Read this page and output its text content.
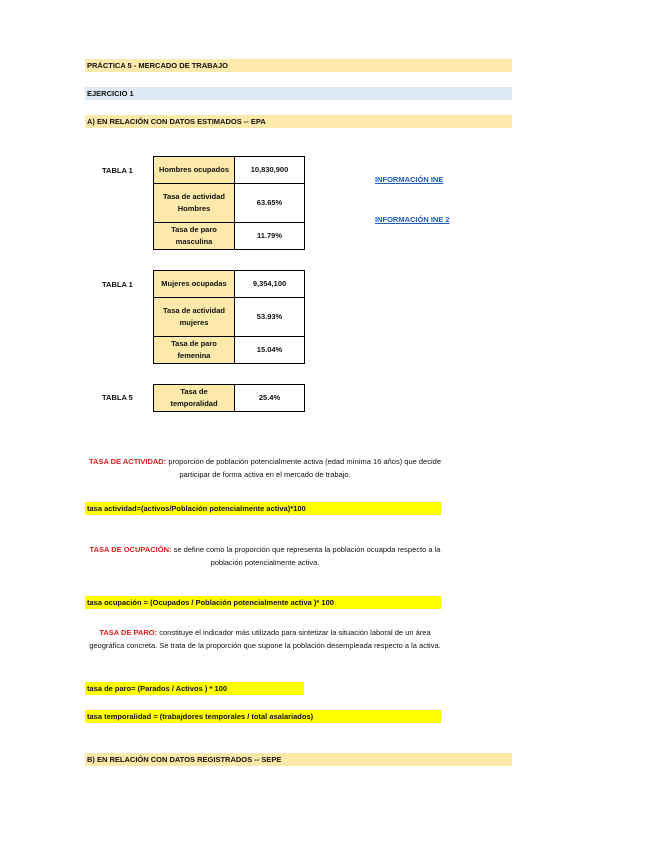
PRÁCTICA 5 - MERCADO DE TRABAJO
EJERCICIO 1
A) EN RELACIÓN CON DATOS ESTIMADOS -- EPA
TABLA 1	Hombres ocupados	10,830,900
Tasa de actividad Hombres	63.65%
Tasa de paro masculina	11.79%
INFORMACIÓN INE
INFORMACIÓN INE 2
TABLA 1	Mujeres ocupadas	9,354,100
Tasa de actividad mujeres	53.93%
Tasa de paro femenina	15.04%
TABLA 5
Tasa de temporalidad	25.4%
TASA DE ACTIVIDAD: proporción de población potencialmente activa (edad mínima 16 años) que decide participar de forma activa en el mercado de trabajo.
tasa actividad=(activos/Población potencialmente activa)*100
TASA DE OCUPACIÓN: se define como la proporción que representa la población ocuapda respecto a la población potencialmente activa.
tasa ocupación = (Ocupados / Población potencialmente activa )* 100
TASA DE PARO: constituye el indicador más utilizado para sintetizar la situación laboral de un área geográfica concreta. Se trata de la proporción que supone la población desempleada respecto a la activa.
tasa de paro= (Parados / Activos ) * 100
tasa temporalidad = (trabajdores temporales / total asalariados)
B) EN RELACIÓN CON DATOS REGISTRADOS -- SEPE
